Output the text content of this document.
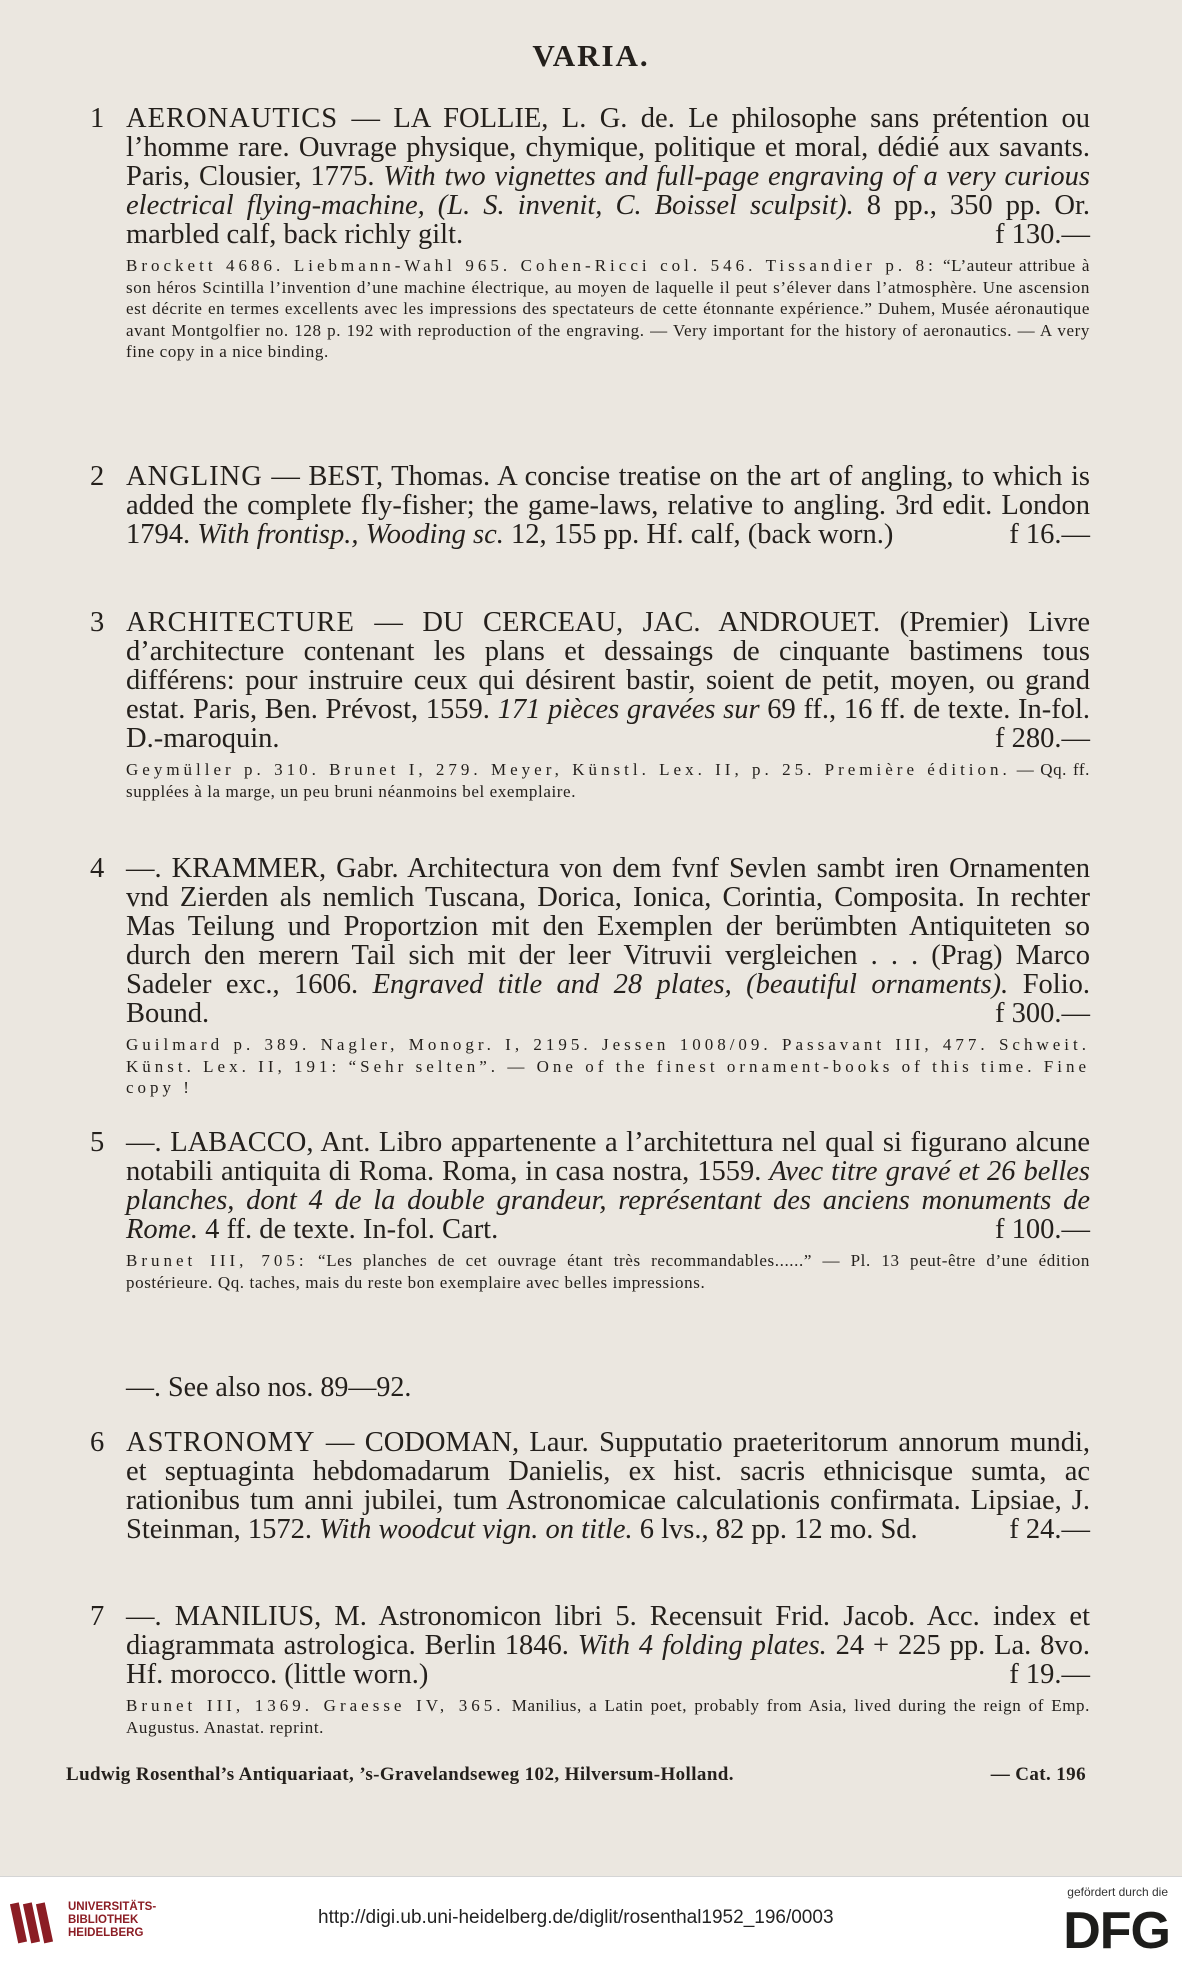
VARIA.
1 AERONAUTICS — LA FOLLIE, L. G. de. Le philosophe sans prétention ou l’homme rare. Ouvrage physique, chymique, politique et moral, dédié aux savants. Paris, Clousier, 1775. With two vignettes and full-page engraving of a very curious electrical flying-machine, (L. S. invenit, C. Boissel sculpsit). 8 pp., 350 pp. Or. marbled calf, back richly gilt.	f 130.—
Brockett 4686. Liebmann-Wahl 965. Cohen-Ricci col. 546. Tissandier p. 8: “L’auteur attribue à son héros Scintilla l’invention d’une machine électrique, au moyen de laquelle il peut s’élever dans l’atmosphère. Une ascension est décrite en termes excellents avec les impressions des spectateurs de cette étonnante expérience.” Duhem, Musée aéronautique avant Montgolfier no. 128 p. 192 with reproduction of the engraving. — Very important for the history of aeronautics. — A very fine copy in a nice binding.
2 ANGLING — BEST, Thomas. A concise treatise on the art of angling, to which is added the complete fly-fisher; the game-laws, relative to angling. 3rd edit. London 1794. With frontisp., Wooding sc. 12, 155 pp. Hf. calf, (back worn.)	f 16.—
3 ARCHITECTURE — DU CERCEAU, JAC. ANDROUET. (Premier) Livre d’architecture contenant les plans et dessaings de cinquante bastimens tous différens: pour instruire ceux qui désirent bastir, soient de petit, moyen, ou grand estat. Paris, Ben. Prévost, 1559. 171 pièces gravées sur 69 ff., 16 ff. de texte. In-fol. D.-maroquin.	f 280.—
Geymüller p. 310. Brunet I, 279. Meyer, Künstl. Lex. II, p. 25. Première édition. — Qq. ff. supplées à la marge, un peu bruni néanmoins bel exemplaire.
4 —. KRAMMER, Gabr. Architectura von dem fvnf Sevlen sambt iren Ornamenten vnd Zierden als nemlich Tuscana, Dorica, Ionica, Corintia, Composita. In rechter Mas Teilung und Proportzion mit den Exemplen der berümbten Antiquiteten so durch den merern Tail sich mit der leer Vitruvii vergleichen . . . (Prag) Marco Sadeler exc., 1606. Engraved title and 28 plates, (beautiful ornaments). Folio. Bound.	f 300.—
Guilmard p. 389. Nagler, Monogr. I, 2195. Jessen 1008/09. Passavant III, 477. Schweit. Künst. Lex. II, 191: “Sehr selten”. — One of the finest ornament-books of this time. Fine copy !
5 —. LABACCO, Ant. Libro appartenente a l’architettura nel qual si figurano alcune notabili antiquita di Roma. Roma, in casa nostra, 1559. Avec titre gravé et 26 belles planches, dont 4 de la double grandeur, représentant des anciens monuments de Rome. 4 ff. de texte. In-fol. Cart.	f 100.—
Brunet III, 705: “Les planches de cet ouvrage étant très recommandables......” — Pl. 13 peut-être d’une édition postérieure. Qq. taches, mais du reste bon exemplaire avec belles impressions.
—. See also nos. 89—92.
6 ASTRONOMY — CODOMAN, Laur. Supputatio praeteritorum annorum mundi, et septuaginta hebdomadarum Danielis, ex hist. sacris ethnicisque sumta, ac rationibus tum anni jubilei, tum Astronomicae calculationis confirmata. Lipsiae, J. Steinman, 1572. With woodcut vign. on title. 6 lvs., 82 pp. 12 mo. Sd.	f 24.—
7 —. MANILIUS, M. Astronomicon libri 5. Recensuit Frid. Jacob. Acc. index et diagrammata astrologica. Berlin 1846. With 4 folding plates. 24 + 225 pp. La. 8vo. Hf. morocco. (little worn.)	f 19.—
Brunet III, 1369. Graesse IV, 365. Manilius, a Latin poet, probably from Asia, lived during the reign of Emp. Augustus. Anastat. reprint.
Ludwig Rosenthal’s Antiquariaat, ’s-Gravelandseweg 102, Hilversum-Holland.	— Cat. 196
UNIVERSITÄTS-
BIBLIOTHEK
HEIDELBERG
http://digi.ub.uni-heidelberg.de/diglit/rosenthal1952_196/0003
gefördert durch die
DFG
